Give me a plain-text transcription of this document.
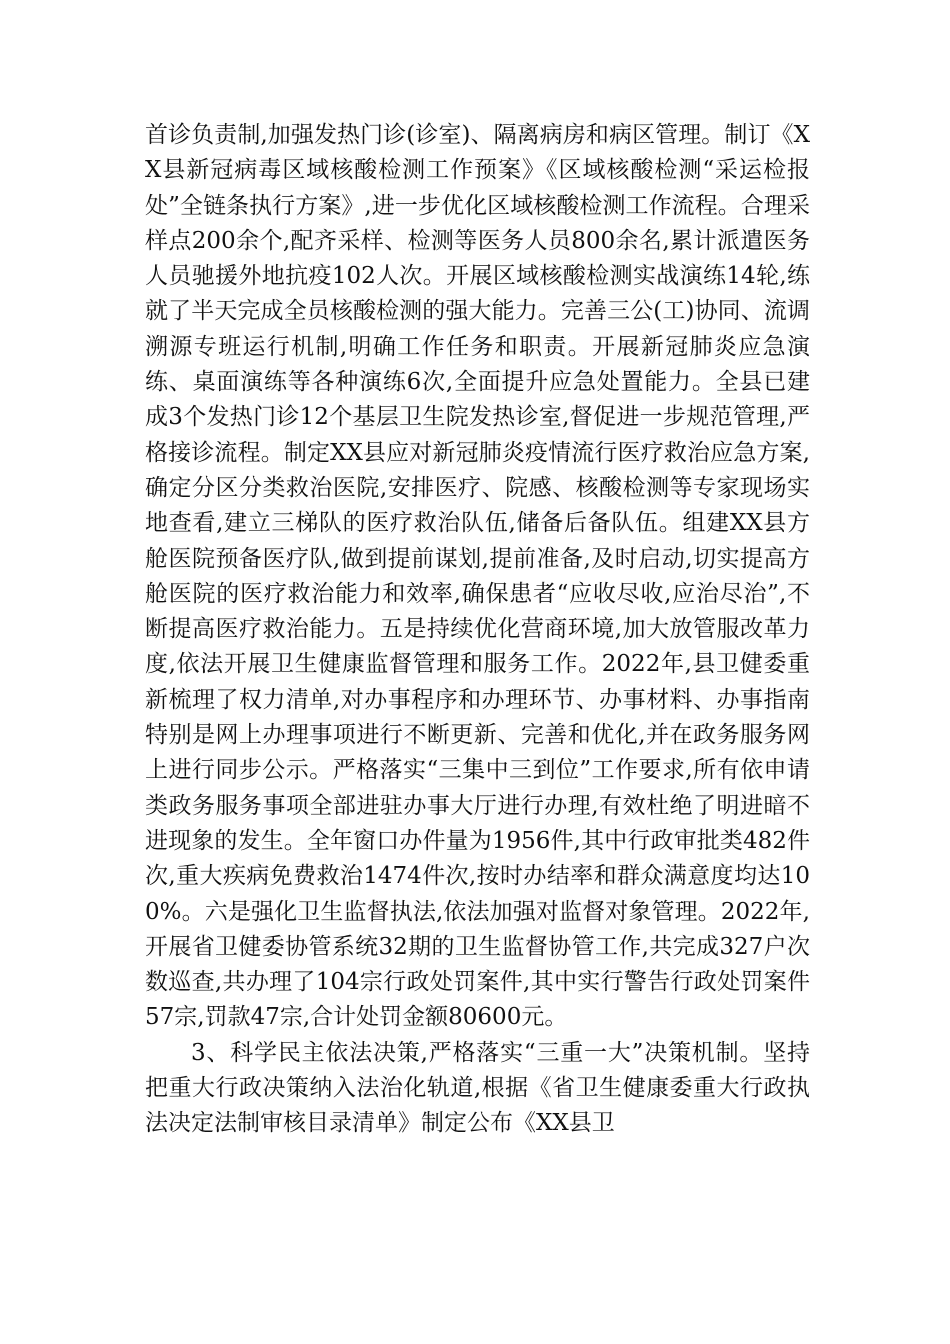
首诊负责制,加强发热门诊(诊室)、隔离病房和病区管理。制订《XX县新冠病毒区域核酸检测工作预案》《区域核酸检测“采运检报处”全链条执行方案》,进一步优化区域核酸检测工作流程。合理采样点200余个,配齐采样、检测等医务人员800余名,累计派遣医务人员驰援外地抗疫102人次。开展区域核酸检测实战演练14轮,练就了半天完成全员核酸检测的强大能力。完善三公(工)协同、流调溯源专班运行机制,明确工作任务和职责。开展新冠肺炎应急演练、桌面演练等各种演练6次,全面提升应急处置能力。全县已建成3个发热门诊12个基层卫生院发热诊室,督促进一步规范管理,严格接诊流程。制定XX县应对新冠肺炎疫情流行医疗救治应急方案,确定分区分类救治医院,安排医疗、院感、核酸检测等专家现场实地查看,建立三梯队的医疗救治队伍,储备后备队伍。组建XX县方舱医院预备医疗队,做到提前谋划,提前准备,及时启动,切实提高方舱医院的医疗救治能力和效率,确保患者“应收尽收,应治尽治”,不断提高医疗救治能力。五是持续优化营商环境,加大放管服改革力度,依法开展卫生健康监督管理和服务工作。2022年,县卫健委重新梳理了权力清单,对办事程序和办理环节、办事材料、办事指南特别是网上办理事项进行不断更新、完善和优化,并在政务服务网上进行同步公示。严格落实“三集中三到位”工作要求,所有依申请类政务服务事项全部进驻办事大厅进行办理,有效杜绝了明进暗不进现象的发生。全年窗口办件量为1956件,其中行政审批类482件次,重大疾病免费救治1474件次,按时办结率和群众满意度均达100%。六是强化卫生监督执法,依法加强对监督对象管理。2022年,开展省卫健委协管系统32期的卫生监督协管工作,共完成327户次数巡查,共办理了104宗行政处罚案件,其中实行警告行政处罚案件57宗,罚款47宗,合计处罚金额80600元。

3、科学民主依法决策,严格落实“三重一大”决策机制。坚持把重大行政决策纳入法治化轨道,根据《省卫生健康委重大行政执法决定法制审核目录清单》制定公布《XX县卫
